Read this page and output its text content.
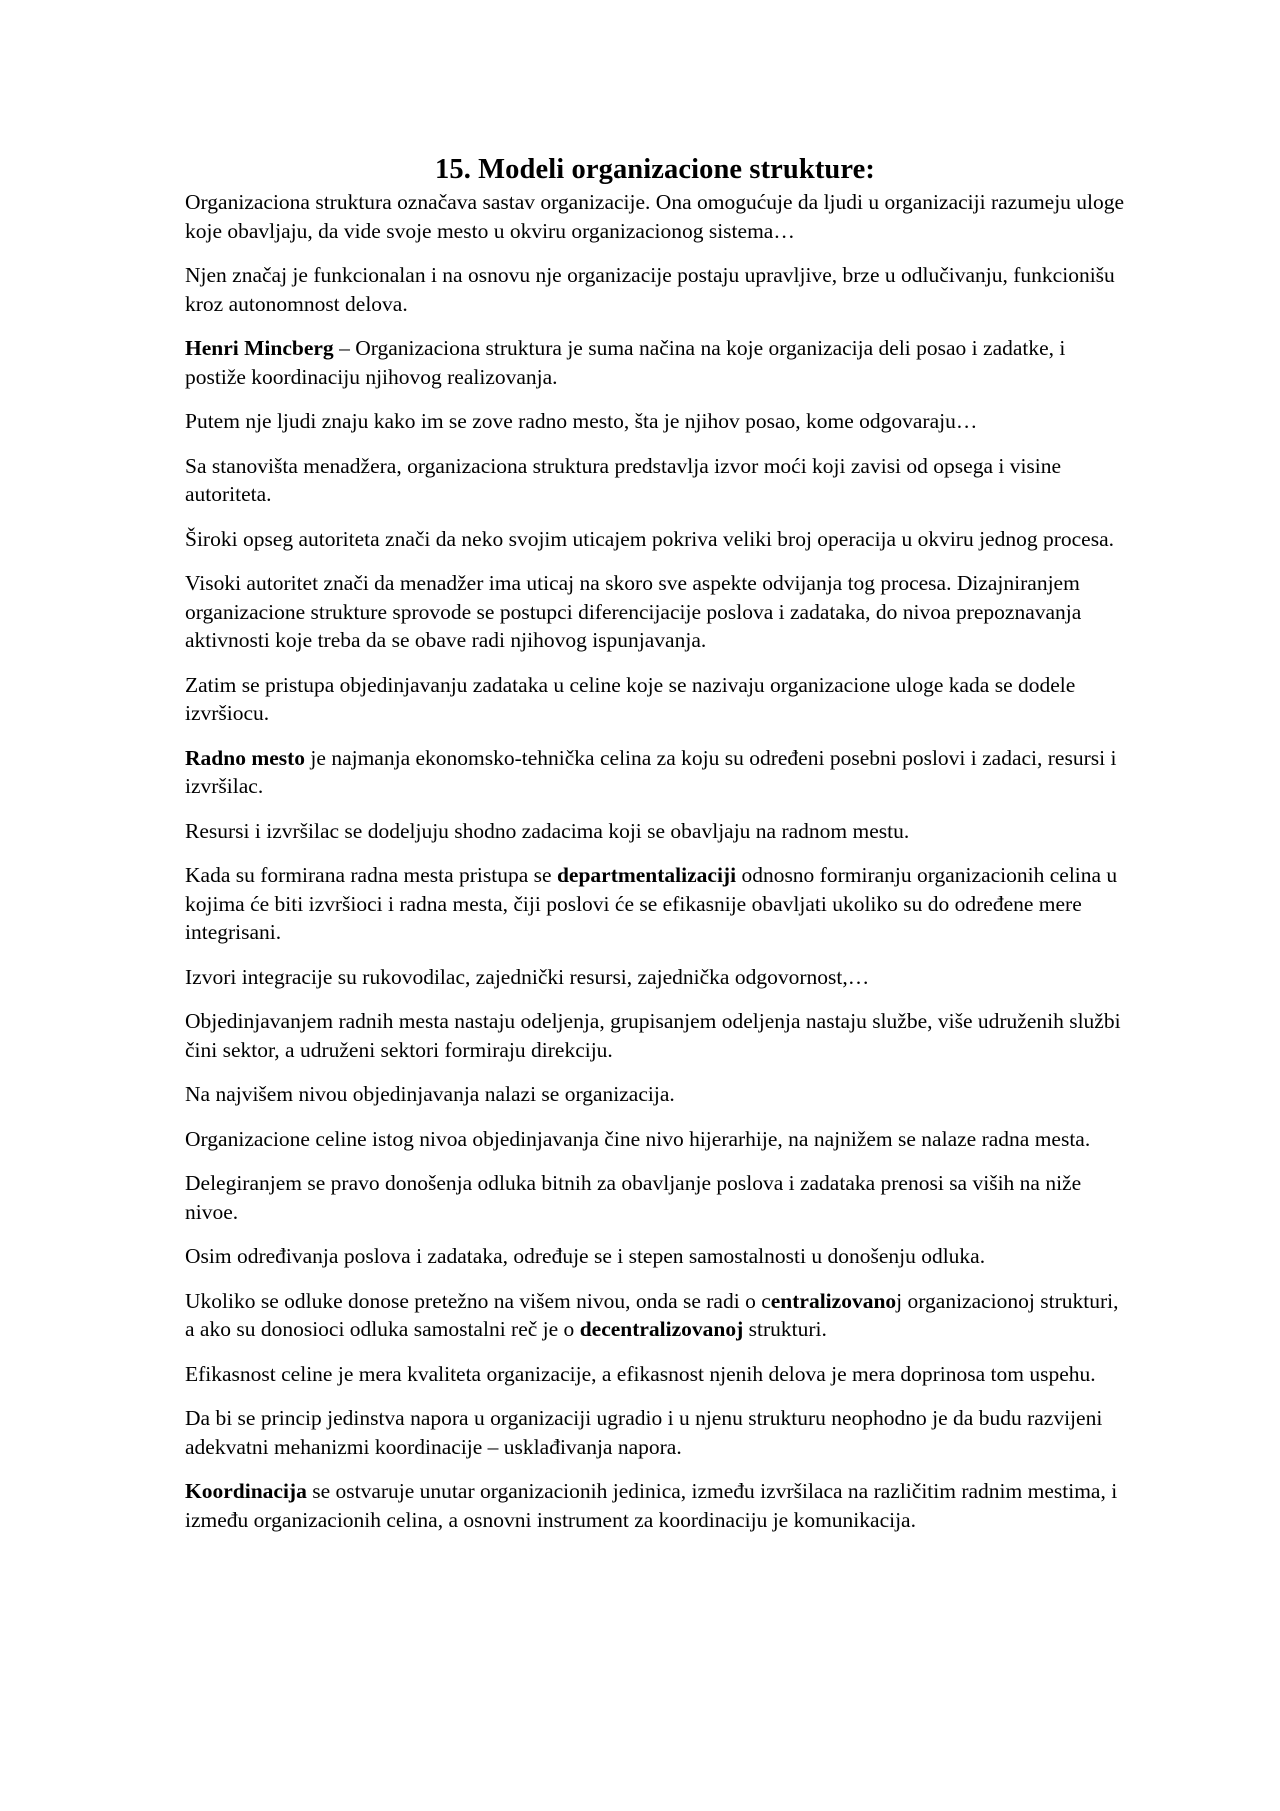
15. Modeli organizacione strukture:

Organizaciona struktura označava sastav organizacije. Ona omogućuje da ljudi u organizaciji razumeju uloge koje obavljaju, da vide svoje mesto u okviru organizacionog sistema…

Njen značaj je funkcionalan i na osnovu nje organizacije postaju upravljive, brze u odlučivanju, funkcionišu kroz autonomnost delova.

Henri Mincberg – Organizaciona struktura je suma načina na koje organizacija deli posao i zadatke, i postiže koordinaciju njihovog realizovanja.

Putem nje ljudi znaju kako im se zove radno mesto, šta je njihov posao, kome odgovaraju…

Sa stanovišta menadžera, organizaciona struktura predstavlja izvor moći koji zavisi od opsega i visine autoriteta.

Široki opseg autoriteta znači da neko svojim uticajem pokriva veliki broj operacija u okviru jednog procesa.

Visoki autoritet znači da menadžer ima uticaj na skoro sve aspekte odvijanja tog procesa. Dizajniranjem organizacione strukture sprovode se postupci diferencijacije poslova i zadataka, do nivoa prepoznavanja aktivnosti koje treba da se obave radi njihovog ispunjavanja.

Zatim se pristupa objedinjavanju zadataka u celine koje se nazivaju organizacione uloge kada se dodele izvršiocu.

Radno mesto je najmanja ekonomsko-tehnička celina za koju su određeni posebni poslovi i zadaci, resursi i izvršilac.

Resursi i izvršilac se dodeljuju shodno zadacima koji se obavljaju na radnom mestu.

Kada su formirana radna mesta pristupa se departmentalizaciji odnosno formiranju organizacionih celina u kojima će biti izvršioci i radna mesta, čiji poslovi će se efikasnije obavljati ukoliko su do određene mere integrisani.

Izvori integracije su rukovodilac, zajednički resursi, zajednička odgovornost,…

Objedinjavanjem radnih mesta nastaju odeljenja, grupisanjem odeljenja nastaju službe, više udruženih službi čini sektor, a udruženi sektori formiraju direkciju.

Na najvišem nivou objedinjavanja nalazi se organizacija.

Organizacione celine istog nivoa objedinjavanja čine nivo hijerarhije, na najnižem se nalaze radna mesta.

Delegiranjem se pravo donošenja odluka bitnih za obavljanje poslova i zadataka prenosi sa viših na niže nivoe.

Osim određivanja poslova i zadataka, određuje se i stepen samostalnosti u donošenju odluka.

Ukoliko se odluke donose pretežno na višem nivou, onda se radi o centralizovanoj organizacionoj strukturi, a ako su donosioci odluka samostalni reč je o decentralizovanoj strukturi.

Efikasnost celine je mera kvaliteta organizacije, a efikasnost njenih delova je mera doprinosa tom uspehu.

Da bi se princip jedinstva napora u organizaciji ugradio i u njenu strukturu neophodno je da budu razvijeni adekvatni mehanizmi koordinacije – usklađivanja napora.

Koordinacija se ostvaruje unutar organizacionih jedinica, između izvršilaca na različitim radnim mestima, i između organizacionih celina, a osnovni instrument za koordinaciju je komunikacija.
